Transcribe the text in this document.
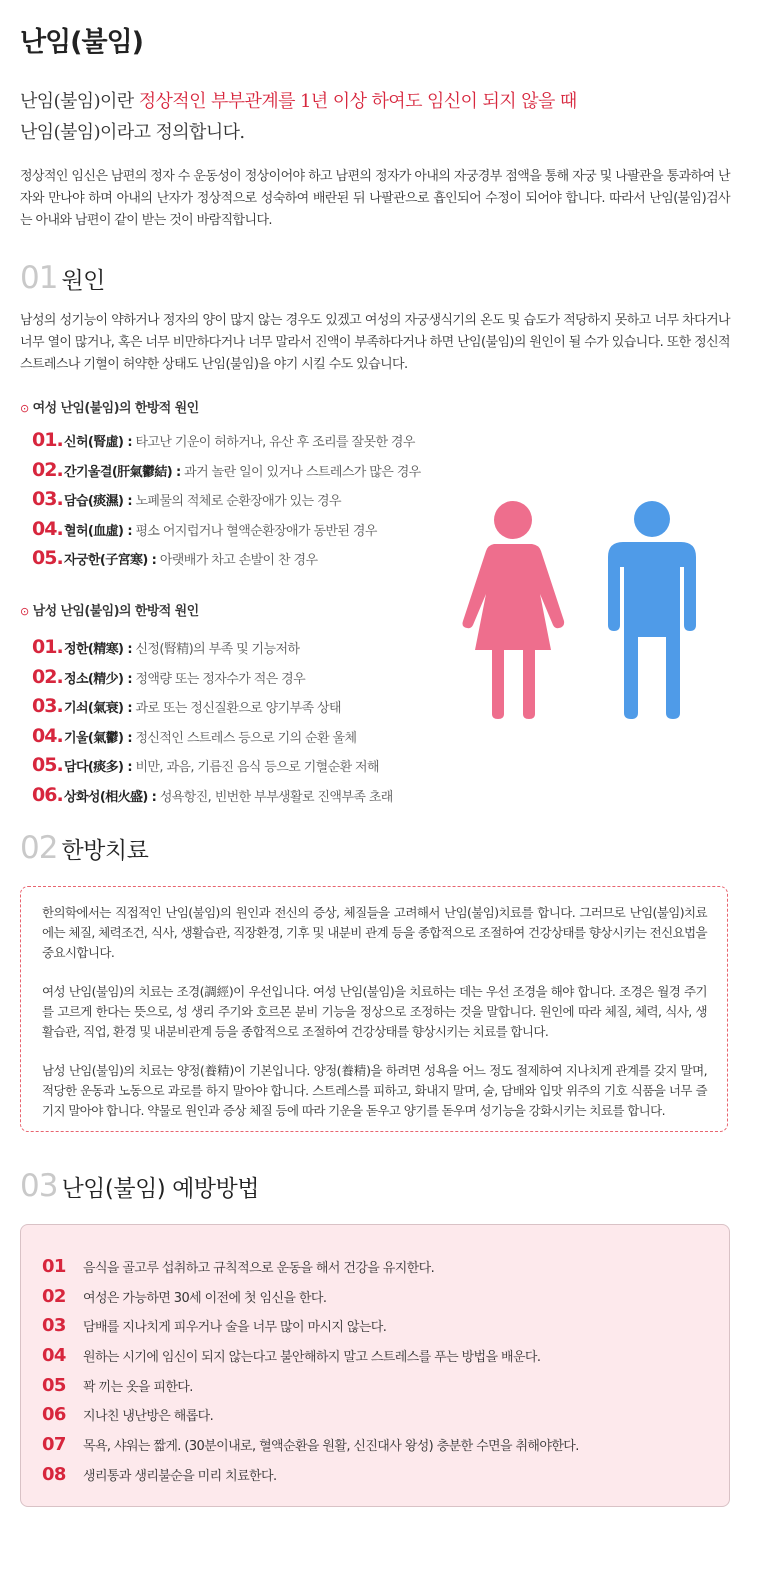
난임(불임)
난임(불임)이란 정상적인 부부관계를 1년 이상 하여도 임신이 되지 않을 때
난임(불임)이라고 정의합니다.
정상적인 임신은 남편의 정자 수 운동성이 정상이어야 하고 남편의 정자가 아내의 자궁경부 점액을 통해 자궁 및 나팔관을 통과하여 난자와 만나야 하며 아내의 난자가 정상적으로 성숙하여 배란된 뒤 나팔관으로 흡인되어 수정이 되어야 합니다. 따라서 난임(불임)검사는 아내와 남편이 같이 받는 것이 바람직합니다.
01 원인
남성의 성기능이 약하거나 정자의 양이 많지 않는 경우도 있겠고 여성의 자궁생식기의 온도 및 습도가 적당하지 못하고 너무 차다거나 너무 열이 많거나, 혹은 너무 비만하다거나 너무 말라서 진액이 부족하다거나 하면 난임(불임)의 원인이 될 수가 있습니다. 또한 정신적 스트레스나 기혈이 허약한 상태도 난임(불임)을 야기 시킬 수도 있습니다.
⊙ 여성 난임(불임)의 한방적 원인
01.신허(腎虛) : 타고난 기운이 허하거나, 유산 후 조리를 잘못한 경우
02.간기울결(肝氣鬱結) : 과거 놀란 일이 있거나 스트레스가 많은 경우
03.담습(痰濕) : 노폐물의 적체로 순환장애가 있는 경우
04.혈허(血虛) : 평소 어지럽거나 혈액순환장애가 동반된 경우
05.자궁한(子宮寒) : 아랫배가 차고 손발이 찬 경우
⊙ 남성 난임(불임)의 한방적 원인
01.정한(精寒) : 신정(腎精)의 부족 및 기능저하
02.정소(精少) : 정액량 또는 정자수가 적은 경우
03.기쇠(氣衰) : 과로 또는 정신질환으로 양기부족 상태
04.기울(氣鬱) : 정신적인 스트레스 등으로 기의 순환 울체
05.담다(痰多) : 비만, 과음, 기름진 음식 등으로 기혈순환 저해
06.상화성(相火盛) : 성욕항진, 빈번한 부부생활로 진액부족 초래
02 한방치료

한의학에서는 직접적인 난임(불임)의 원인과 전신의 증상, 체질들을 고려해서 난임(불임)치료를 합니다. 그러므로 난임(불임)치료에는 체질, 체력조건, 식사, 생활습관, 직장환경, 기후 및 내분비 관계 등을 종합적으로 조절하여 건강상태를 향상시키는 전신요법을 중요시합니다.

여성 난임(불임)의 치료는 조경(調經)이 우선입니다. 여성 난임(불임)을 치료하는 데는 우선 조경을 해야 합니다. 조경은 월경 주기를 고르게 한다는 뜻으로, 성 생리 주기와 호르몬 분비 기능을 정상으로 조정하는 것을 말합니다. 원인에 따라 체질, 체력, 식사, 생활습관, 직업, 환경 및 내분비관계 등을 종합적으로 조절하여 건강상태를 향상시키는 치료를 합니다.

남성 난임(불임)의 치료는 양정(養精)이 기본입니다. 양정(養精)을 하려면 성욕을 어느 정도 절제하여 지나치게 관계를 갖지 말며, 적당한 운동과 노동으로 과로를 하지 말아야 합니다. 스트레스를 피하고, 화내지 말며, 술, 담배와 입맛 위주의 기호 식품을 너무 즐기지 말아야 합니다. 약물로 원인과 증상 체질 등에 따라 기운을 돋우고 양기를 돋우며 성기능을 강화시키는 치료를 합니다.

03 난임(불임) 예방방법
01 음식을 골고루 섭취하고 규칙적으로 운동을 해서 건강을 유지한다.
02 여성은 가능하면 30세 이전에 첫 임신을 한다.
03 담배를 지나치게 피우거나 술을 너무 많이 마시지 않는다.
04 원하는 시기에 임신이 되지 않는다고 불안해하지 말고 스트레스를 푸는 방법을 배운다.
05 꽉 끼는 옷을 피한다.
06 지나친 냉난방은 해롭다.
07 목욕, 샤워는 짧게. (30분이내로, 혈액순환을 원활, 신진대사 왕성) 충분한 수면을 취해야한다.
08 생리통과 생리불순을 미리 치료한다.
